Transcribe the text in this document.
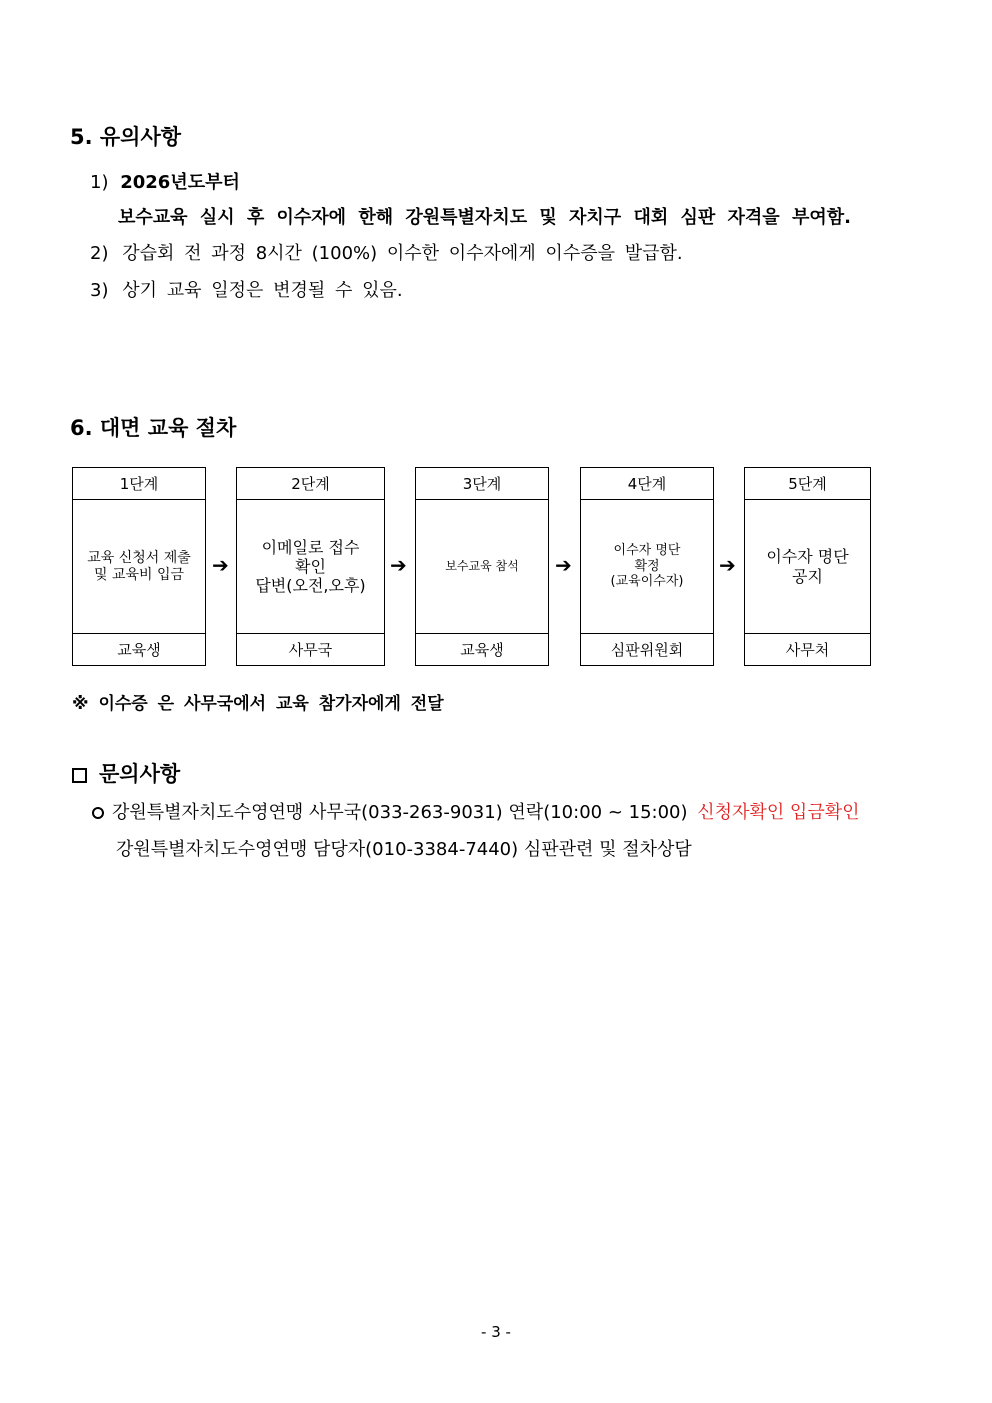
5. 유의사항
1) 2026년도부터
보수교육 실시 후 이수자에 한해 강원특별자치도 및 자치구 대회 심판 자격을 부여함.
2) 강습회 전 과정 8시간 (100%) 이수한 이수자에게 이수증을 발급함.
3) 상기 교육 일정은 변경될 수 있음.
6. 대면 교육 절차
1단계
교육 신청서 제출
및 교육비 입금
교육생
➔
2단계
이메일로 접수
확인
답변(오전,오후)
사무국
➔
3단계
보수교육 참석
교육생
➔
4단계
이수자 명단
확정
(교육이수자)
심판위원회
➔
5단계
이수자 명단
공지
사무처
※ 이수증 은 사무국에서 교육 참가자에게 전달
문의사항
강원특별자치도수영연맹 사무국(033-263-9031) 연락(10:00 ~ 15:00) 신청자확인 입금확인
강원특별자치도수영연맹 담당자(010-3384-7440) 심판관련 및 절차상담
- 3 -
